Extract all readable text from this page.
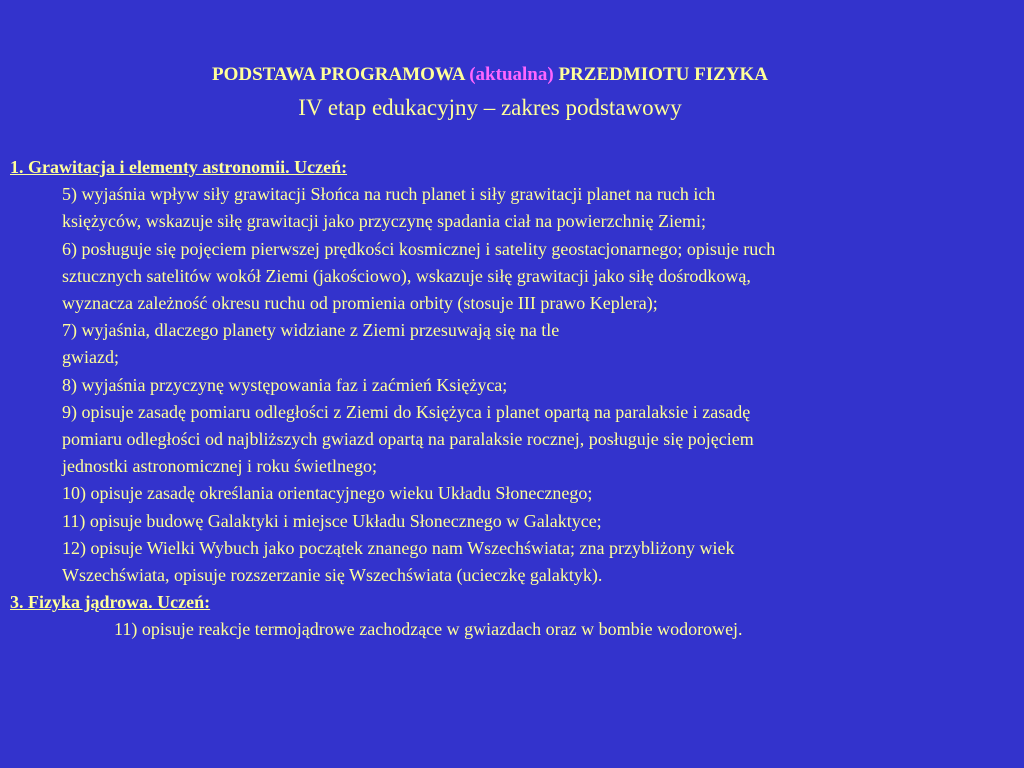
PODSTAWA PROGRAMOWA (aktualna) PRZEDMIOTU FIZYKA
IV etap edukacyjny – zakres podstawowy
1. Grawitacja i elementy astronomii. Uczeń:
5) wyjaśnia wpływ siły grawitacji Słońca na ruch planet i siły grawitacji planet na ruch ich
księżyców, wskazuje siłę grawitacji jako przyczynę spadania ciał na powierzchnię Ziemi;
6) posługuje się pojęciem pierwszej prędkości kosmicznej i satelity geostacjonarnego; opisuje ruch
sztucznych satelitów wokół Ziemi (jakościowo), wskazuje siłę grawitacji jako siłę dośrodkową,
wyznacza zależność okresu ruchu od promienia orbity (stosuje III prawo Keplera);
7) wyjaśnia, dlaczego planety widziane z Ziemi przesuwają się na tle
gwiazd;
8) wyjaśnia przyczynę występowania faz i zaćmień Księżyca;
9) opisuje zasadę pomiaru odległości z Ziemi do Księżyca i planet opartą na paralaksie i zasadę
pomiaru odległości od najbliższych gwiazd opartą na paralaksie rocznej, posługuje się pojęciem
jednostki astronomicznej i roku świetlnego;
10) opisuje zasadę określania orientacyjnego wieku Układu Słonecznego;
11) opisuje budowę Galaktyki i miejsce Układu Słonecznego w Galaktyce;
12) opisuje Wielki Wybuch jako początek znanego nam Wszechświata; zna przybliżony wiek
Wszechświata, opisuje rozszerzanie się Wszechświata (ucieczkę galaktyk).
3. Fizyka jądrowa. Uczeń:
11) opisuje reakcje termojądrowe zachodzące w gwiazdach oraz w bombie wodorowej.
